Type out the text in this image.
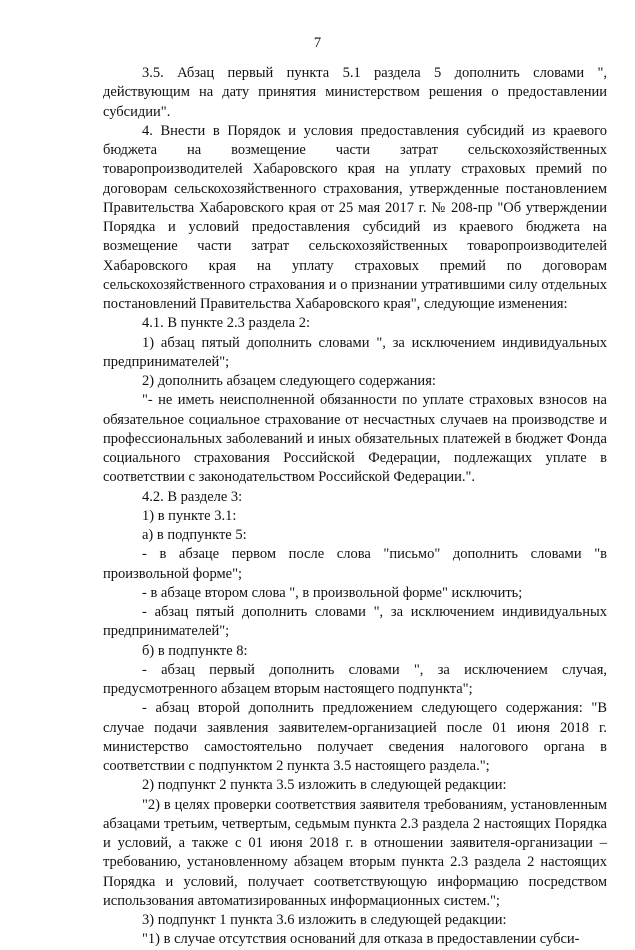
7

3.5. Абзац первый пункта 5.1 раздела 5 дополнить словами ", действующим на дату принятия министерством решения о предоставлении субсидии".

4. Внести в Порядок и условия предоставления субсидий из краевого бюджета на возмещение части затрат сельскохозяйственных товаропроизводителей Хабаровского края на уплату страховых премий по договорам сельскохозяйственного страхования, утвержденные постановлением Правительства Хабаровского края от 25 мая 2017 г. № 208-пр "Об утверждении Порядка и условий предоставления субсидий из краевого бюджета на возмещение части затрат сельскохозяйственных товаропроизводителей Хабаровского края на уплату страховых премий по договорам сельскохозяйственного страхования и о признании утратившими силу отдельных постановлений Правительства Хабаровского края", следующие изменения:

4.1. В пункте 2.3 раздела 2:

1) абзац пятый дополнить словами ", за исключением индивидуальных предпринимателей";

2) дополнить абзацем следующего содержания:

"- не иметь неисполненной обязанности по уплате страховых взносов на обязательное социальное страхование от несчастных случаев на производстве и профессиональных заболеваний и иных обязательных платежей в бюджет Фонда социального страхования Российской Федерации, подлежащих уплате в соответствии с законодательством Российской Федерации.".

4.2. В разделе 3:

1) в пункте 3.1:

а) в подпункте 5:

- в абзаце первом после слова "письмо" дополнить словами "в произвольной форме";

- в абзаце втором слова ", в произвольной форме" исключить;

- абзац пятый дополнить словами ", за исключением индивидуальных предпринимателей";

б) в подпункте 8:

- абзац первый дополнить словами ", за исключением случая, предусмотренного абзацем вторым настоящего подпункта";

- абзац второй дополнить предложением следующего содержания: "В случае подачи заявления заявителем-организацией после 01 июня 2018 г. министерство самостоятельно получает сведения налогового органа в соответствии с подпунктом 2 пункта 3.5 настоящего раздела.";

2) подпункт 2 пункта 3.5 изложить в следующей редакции:

"2) в целях проверки соответствия заявителя требованиям, установленным абзацами третьим, четвертым, седьмым пункта 2.3 раздела 2 настоящих Порядка и условий, а также с 01 июня 2018 г. в отношении заявителя-организации – требованию, установленному абзацем вторым пункта 2.3 раздела 2 настоящих Порядка и условий, получает соответствующую информацию посредством использования автоматизированных информационных систем.";

3) подпункт 1 пункта 3.6 изложить в следующей редакции:

"1) в случае отсутствия оснований для отказа в предоставлении субси-
